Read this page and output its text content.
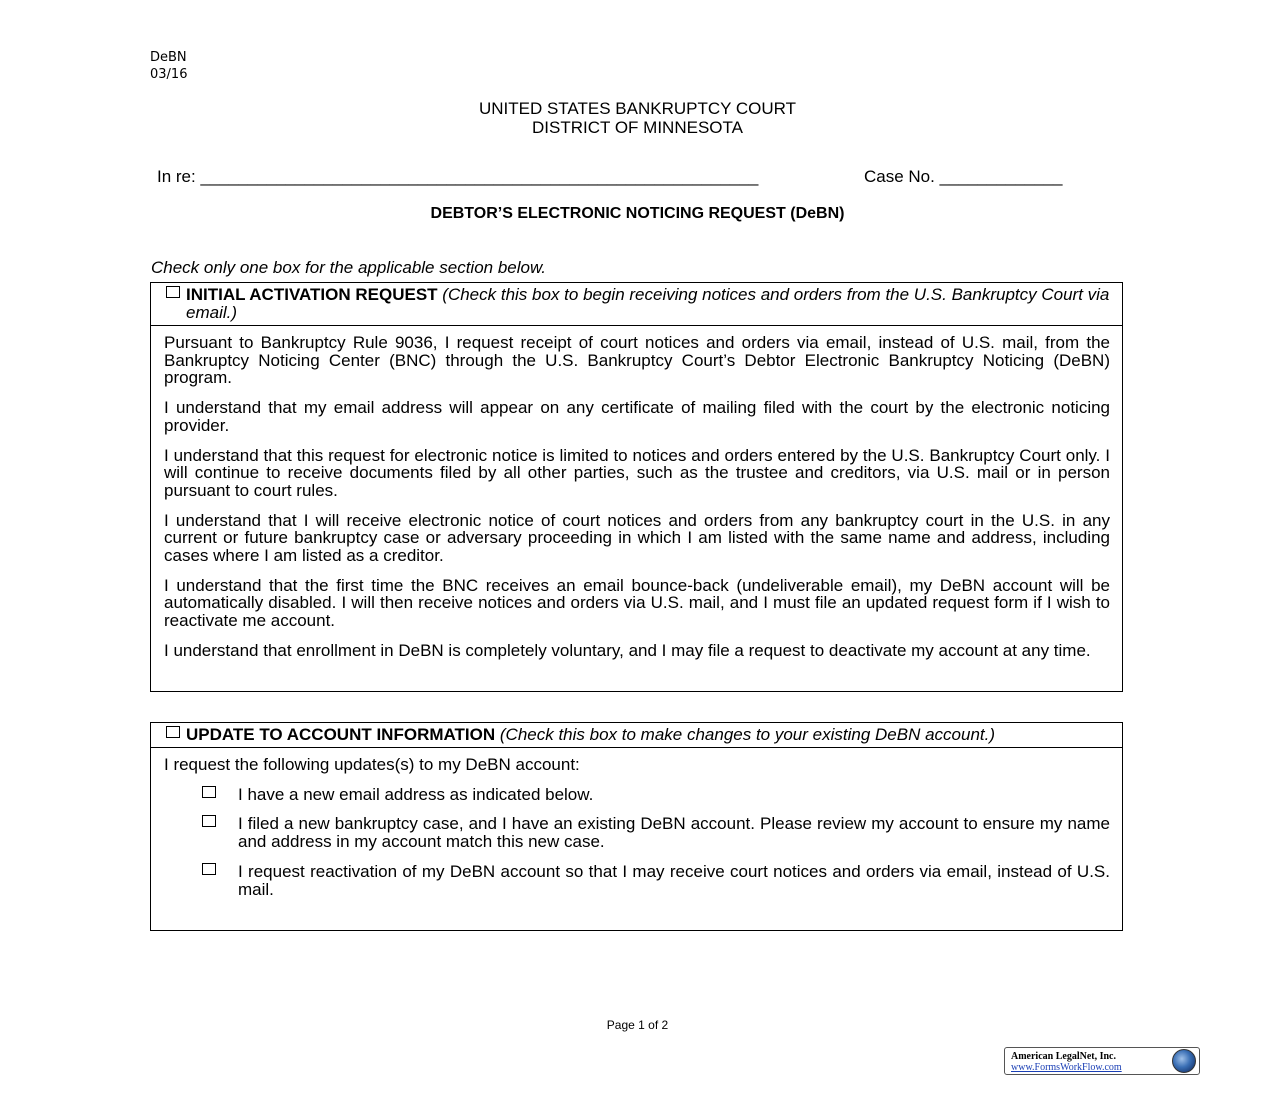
DeBN
03/16
UNITED STATES BANKRUPTCY COURT
DISTRICT OF MINNESOTA
In re: ___________________________________________________________	Case No. _____________
DEBTOR’S ELECTRONIC NOTICING REQUEST (DeBN)
Check only one box for the applicable section below.
INITIAL ACTIVATION REQUEST (Check this box to begin receiving notices and orders from the U.S. Bankruptcy Court via email.)

Pursuant to Bankruptcy Rule 9036, I request receipt of court notices and orders via email, instead of U.S. mail, from the Bankruptcy Noticing Center (BNC) through the U.S. Bankruptcy Court’s Debtor Electronic Bankruptcy Noticing (DeBN) program.

I understand that my email address will appear on any certificate of mailing filed with the court by the electronic noticing provider.

I understand that this request for electronic notice is limited to notices and orders entered by the U.S. Bankruptcy Court only. I will continue to receive documents filed by all other parties, such as the trustee and creditors, via U.S. mail or in person pursuant to court rules.

I understand that I will receive electronic notice of court notices and orders from any bankruptcy court in the U.S. in any current or future bankruptcy case or adversary proceeding in which I am listed with the same name and address, including cases where I am listed as a creditor.

I understand that the first time the BNC receives an email bounce-back (undeliverable email), my DeBN account will be automatically disabled. I will then receive notices and orders via U.S. mail, and I must file an updated request form if I wish to reactivate me account.

I understand that enrollment in DeBN is completely voluntary, and I may file a request to deactivate my account at any time.

UPDATE TO ACCOUNT INFORMATION (Check this box to make changes to your existing DeBN account.)

I request the following updates(s) to my DeBN account:

I have a new email address as indicated below.
I filed a new bankruptcy case, and I have an existing DeBN account. Please review my account to ensure my name and address in my account match this new case.
I request reactivation of my DeBN account so that I may receive court notices and orders via email, instead of U.S. mail.
Page 1 of 2
American LegalNet, Inc.
www.FormsWorkFlow.com
